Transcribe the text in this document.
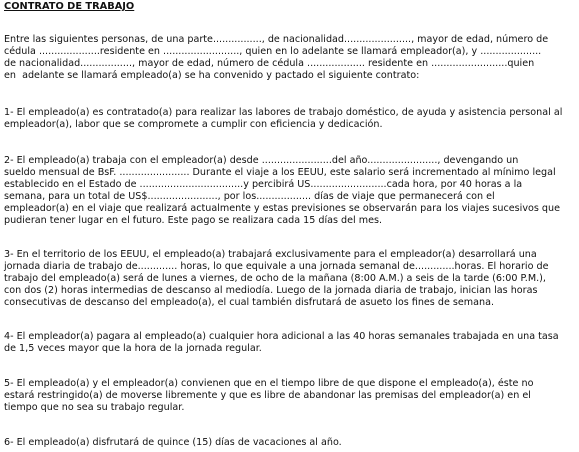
CONTRATO DE TRABAJO
Entre las siguientes personas, de una parte................, de nacionalidad......................, mayor de edad, número de
cédula ....................residente en ........................., quien en lo adelante se llamará empleador(a), y ....................
de nacionalidad................., mayor de edad, número de cédula ................... residente en .........................quien
en  adelante se llamará empleado(a) se ha convenido y pactado el siguiente contrato:
1- El empleado(a) es contratado(a) para realizar las labores de trabajo doméstico, de ayuda y asistencia personal al
empleador(a), labor que se compromete a cumplir con eficiencia y dedicación.
2- El empleado(a) trabaja con el empleador(a) desde .......................del año......................., devengando un
sueldo mensual de BsF. ....................... Durante el viaje a los EEUU, este salario será incrementado al mínimo legal
establecido en el Estado de ..................................y percibirá US.........................cada hora, por 40 horas a la
semana, para un total de US$......................., por los.................. días de viaje que permanecerá con el
empleador(a) en el viaje que realizará actualmente y estas previsiones se observarán para los viajes sucesivos que
pudieran tener lugar en el futuro. Este pago se realizara cada 15 días del mes.
3- En el territorio de los EEUU, el empleado(a) trabajará exclusivamente para el empleador(a) desarrollará una
jornada diaria de trabajo de............. horas, lo que equivale a una jornada semanal de.............horas. El horario de
trabajo del empleado(a) será de lunes a viernes, de ocho de la mañana (8:00 A.M.) a seis de la tarde (6:00 P.M.),
con dos (2) horas intermedias de descanso al mediodía. Luego de la jornada diaria de trabajo, inician las horas
consecutivas de descanso del empleado(a), el cual también disfrutará de asueto los fines de semana.
4- El empleador(a) pagara al empleado(a) cualquier hora adicional a las 40 horas semanales trabajada en una tasa
de 1,5 veces mayor que la hora de la jornada regular.
5- El empleado(a) y el empleador(a) convienen que en el tiempo libre de que dispone el empleado(a), éste no
estará restringido(a) de moverse libremente y que es libre de abandonar las premisas del empleador(a) en el
tiempo que no sea su trabajo regular.
6- El empleado(a) disfrutará de quince (15) días de vacaciones al año.
